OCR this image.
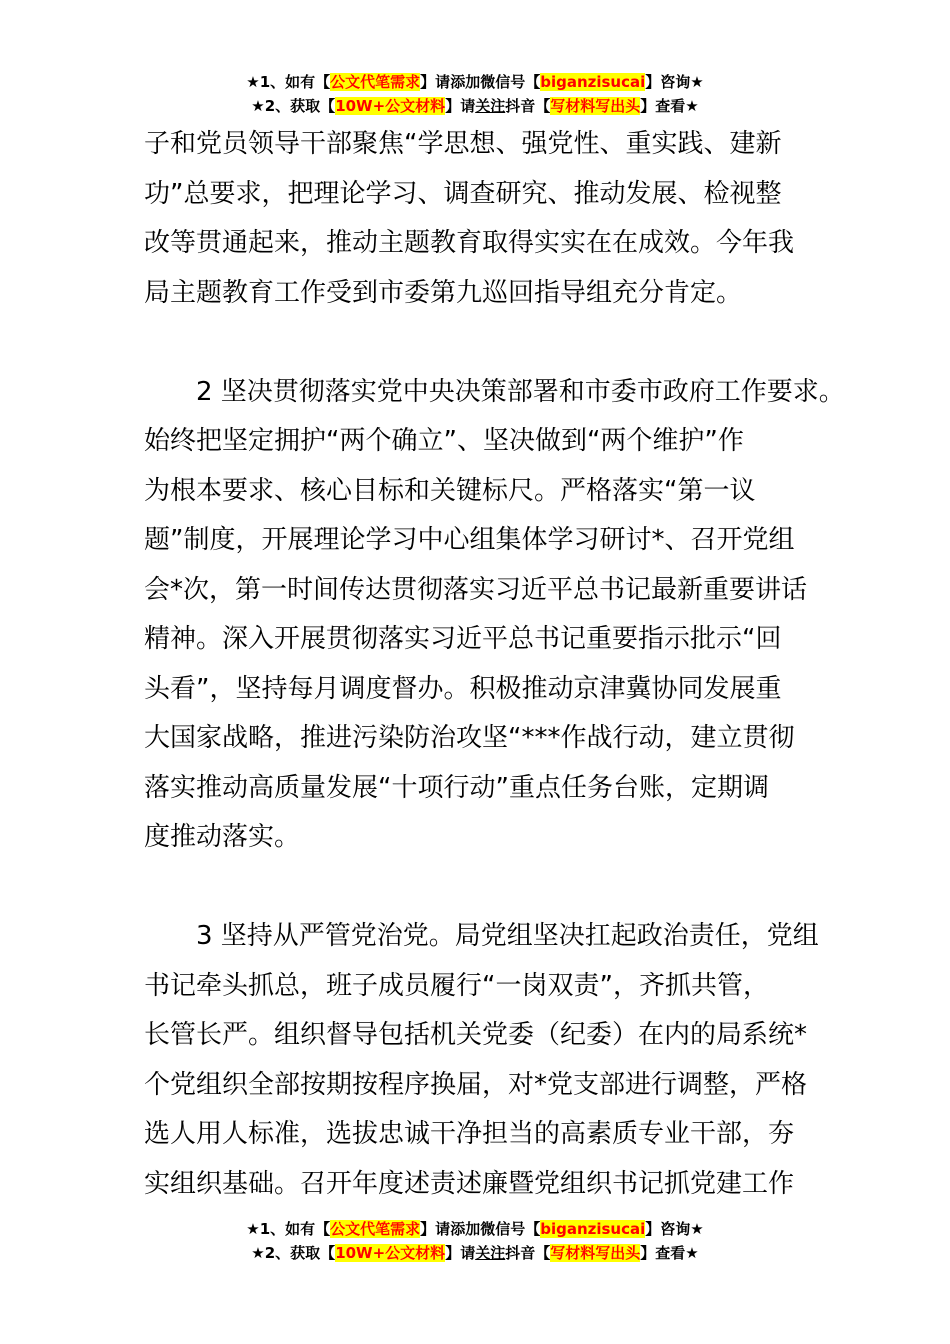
★1、如有【公文代笔需求】请添加微信号【biganzisucai】咨询★
★2、获取【10W+公文材料】请关注抖音【写材料写出头】查看★
子和党员领导干部聚焦“学思想、强党性、重实践、建新
功”总要求，把理论学习、调查研究、推动发展、检视整
改等贯通起来，推动主题教育取得实实在在成效。今年我
局主题教育工作受到市委第九巡回指导组充分肯定。
2 坚决贯彻落实党中央决策部署和市委市政府工作要求。
始终把坚定拥护“两个确立”、坚决做到“两个维护”作
为根本要求、核心目标和关键标尺。严格落实“第一议
题”制度，开展理论学习中心组集体学习研讨*、召开党组
会*次，第一时间传达贯彻落实习近平总书记最新重要讲话
精神。深入开展贯彻落实习近平总书记重要指示批示“回
头看”，坚持每月调度督办。积极推动京津冀协同发展重
大国家战略，推进污染防治攻坚“***作战行动，建立贯彻
落实推动高质量发展“十项行动”重点任务台账，定期调
度推动落实。
3 坚持从严管党治党。局党组坚决扛起政治责任，党组
书记牵头抓总，班子成员履行“一岗双责”，齐抓共管，
长管长严。组织督导包括机关党委（纪委）在内的局系统*
个党组织全部按期按程序换届，对*党支部进行调整，严格
选人用人标准，选拔忠诚干净担当的高素质专业干部，夯
实组织基础。召开年度述责述廉暨党组织书记抓党建工作
★1、如有【公文代笔需求】请添加微信号【biganzisucai】咨询★
★2、获取【10W+公文材料】请关注抖音【写材料写出头】查看★
